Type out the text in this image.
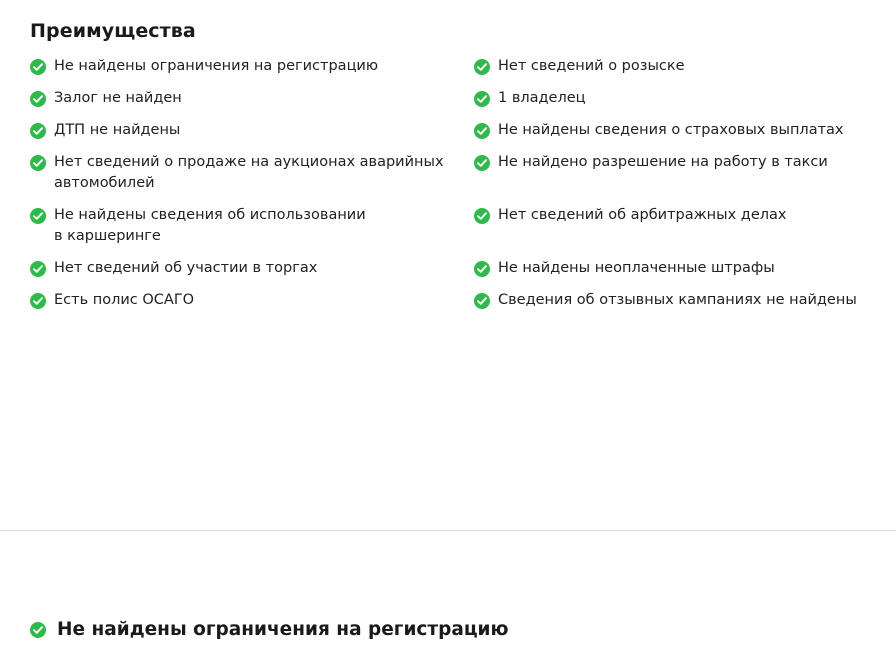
Преимущества
Не найдены ограничения на регистрацию
Залог не найден
ДТП не найдены
Нет сведений о продаже на аукционах аварийных
автомобилей
Не найдены сведения об использовании
в каршеринге
Нет сведений об участии в торгах
Есть полис ОСАГО
Нет сведений о розыске
1 владелец
Не найдены сведения о страховых выплатах
Не найдено разрешение на работу в такси
Нет сведений об арбитражных делах
Не найдены неоплаченные штрафы
Сведения об отзывных кампаниях не найдены
Не найдены ограничения на регистрацию
